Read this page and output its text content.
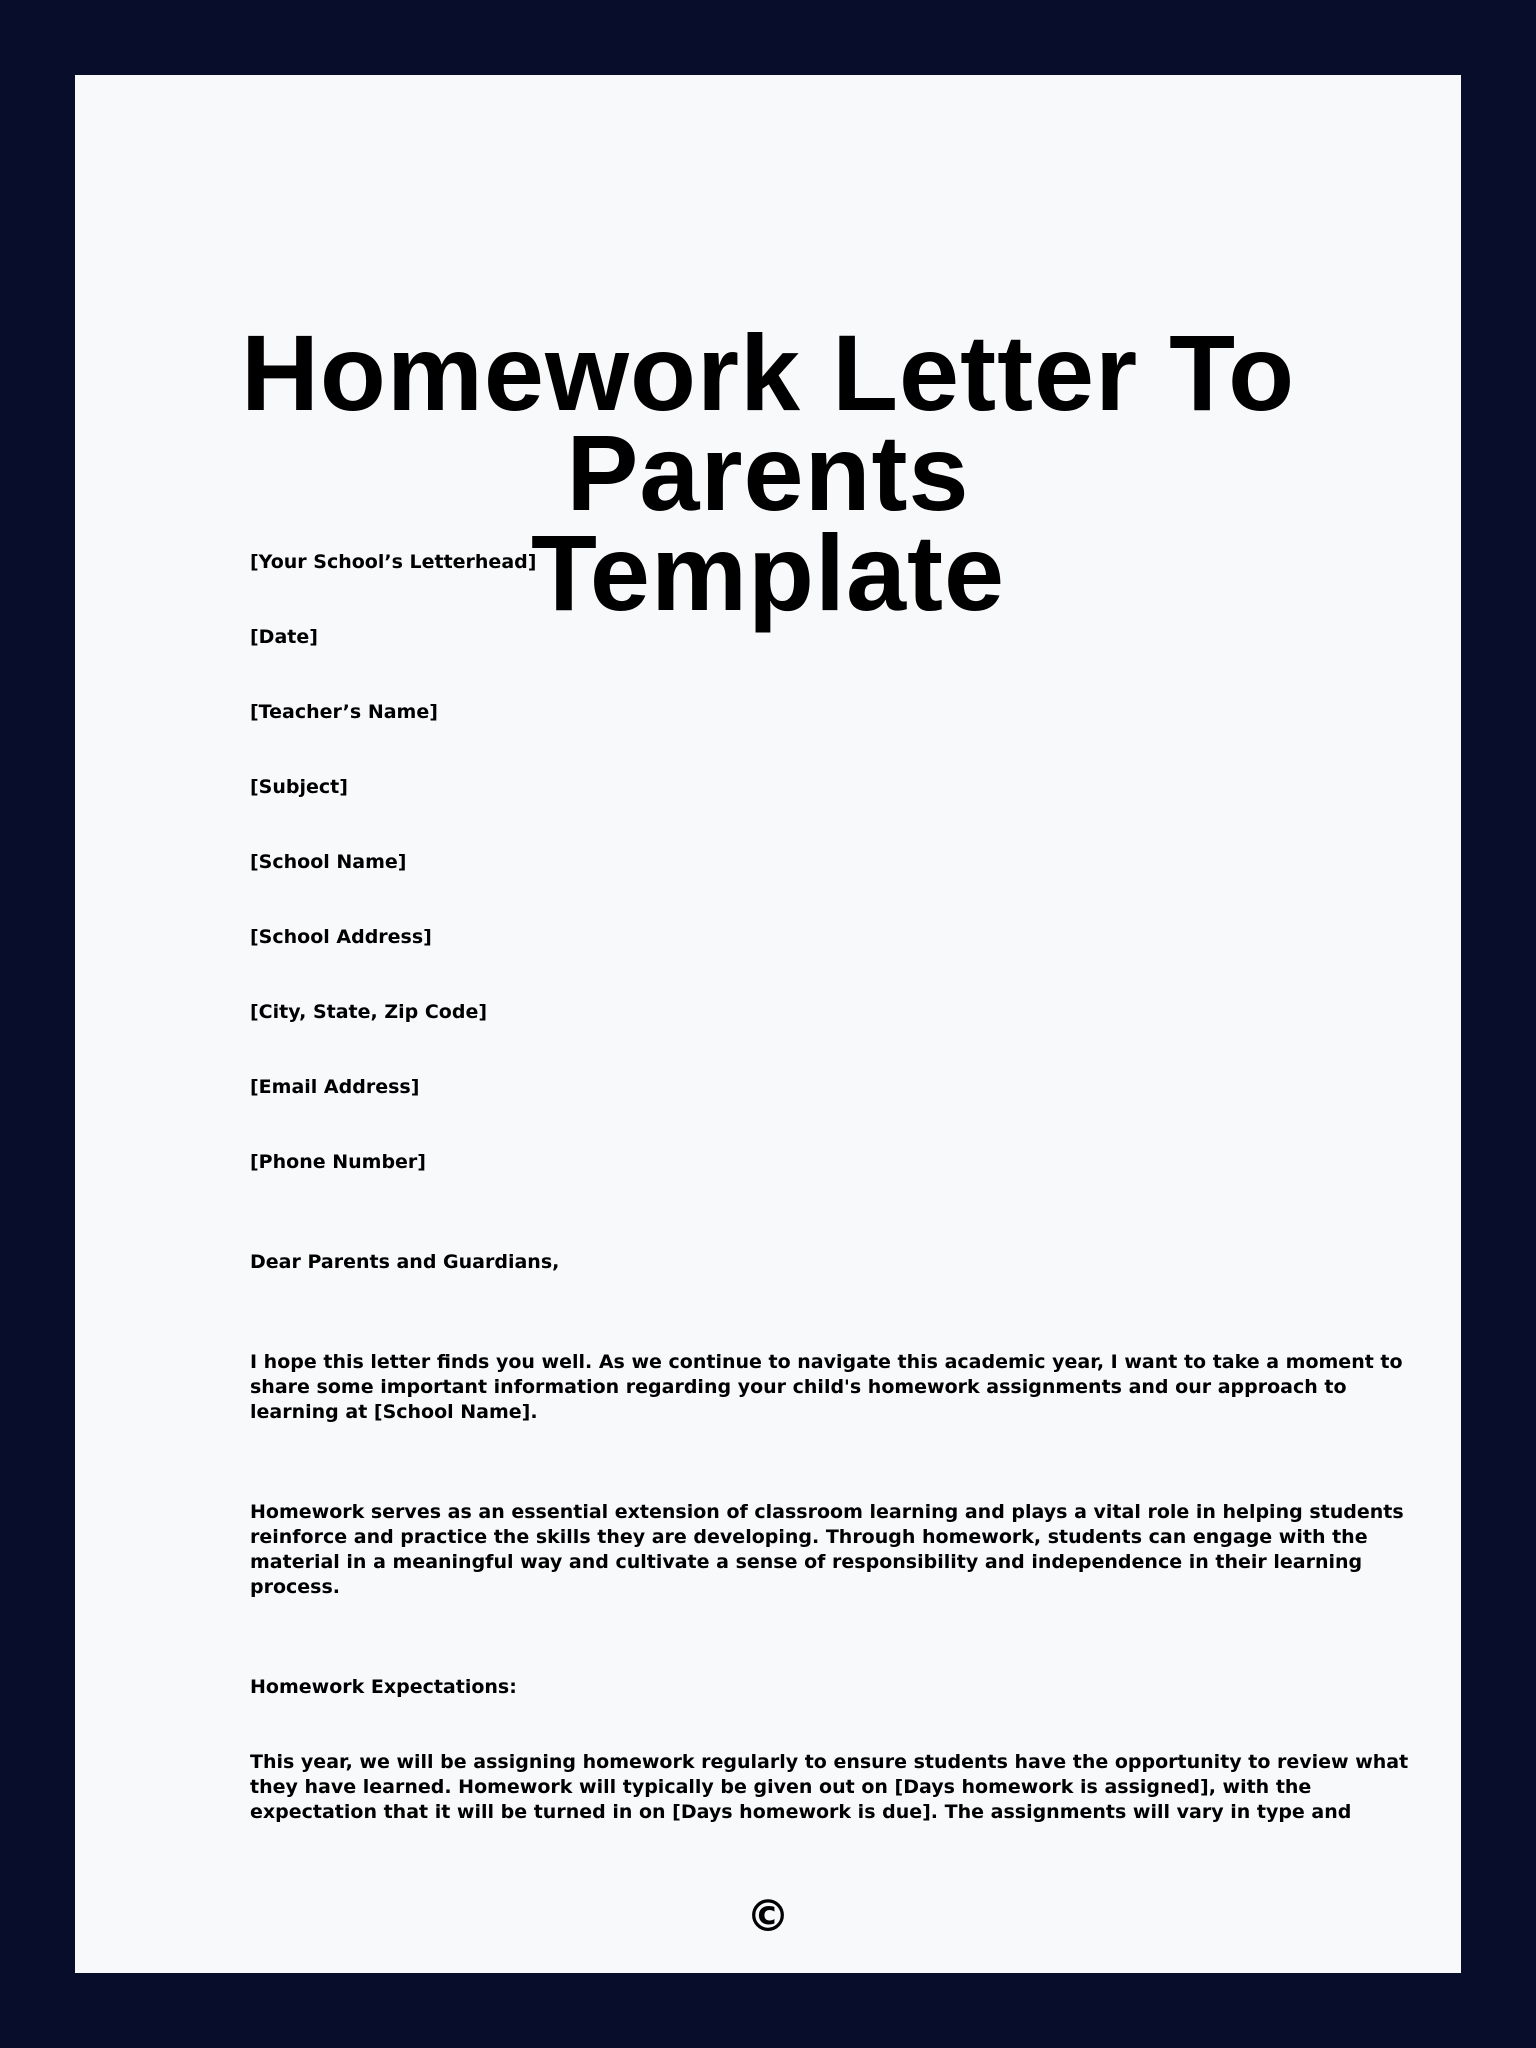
Homework Letter To Parents
Template

[Your School’s Letterhead]

[Date]

[Teacher’s Name]

[Subject]

[School Name]

[School Address]

[City, State, Zip Code]

[Email Address]

[Phone Number]

Dear Parents and Guardians,

I hope this letter finds you well. As we continue to navigate this academic year, I want to take a moment to
share some important information regarding your child's homework assignments and our approach to
learning at [School Name].
Homework serves as an essential extension of classroom learning and plays a vital role in helping students
reinforce and practice the skills they are developing. Through homework, students can engage with the
material in a meaningful way and cultivate a sense of responsibility and independence in their learning
process.

Homework Expectations:

This year, we will be assigning homework regularly to ensure students have the opportunity to review what
they have learned. Homework will typically be given out on [Days homework is assigned], with the
expectation that it will be turned in on [Days homework is due]. The assignments will vary in type and
©
